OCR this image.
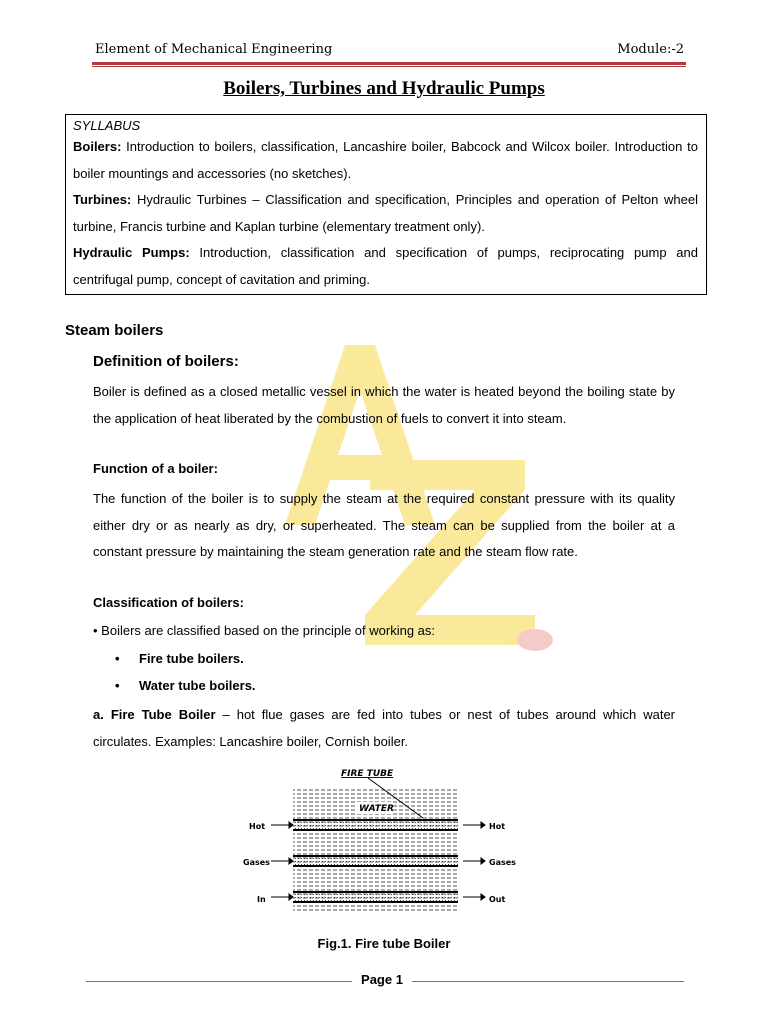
Element of Mechanical Engineering	Module:-2
Boilers, Turbines and Hydraulic Pumps
SYLLABUS

Boilers: Introduction to boilers, classification, Lancashire boiler, Babcock and Wilcox boiler. Introduction to boiler mountings and accessories (no sketches).

Turbines: Hydraulic Turbines – Classification and specification, Principles and operation of Pelton wheel turbine, Francis turbine and Kaplan turbine (elementary treatment only).

Hydraulic Pumps: Introduction, classification and specification of pumps, reciprocating pump and centrifugal pump, concept of cavitation and priming.

Steam boilers
Definition of boilers:

Boiler is defined as a closed metallic vessel in which the water is heated beyond the boiling state by the application of heat liberated by the combustion of fuels to convert it into steam.

Function of a boiler:

The function of the boiler is to supply the steam at the required constant pressure with its quality either dry or as nearly as dry, or superheated. The steam can be supplied from the boiler at a constant pressure by maintaining the steam generation rate and the steam flow rate.

Classification of boilers:
• Boilers are classified based on the principle of working as:
• Fire tube boilers.
• Water tube boilers.

a. Fire Tube Boiler – hot flue gases are fed into tubes or nest of tubes around which water circulates. Examples: Lancashire boiler, Cornish boiler.

FIRE TUBE
WATER
Hot
Gases
In
Hot
Gases
Out
Fig.1. Fire tube Boiler
Page 1
